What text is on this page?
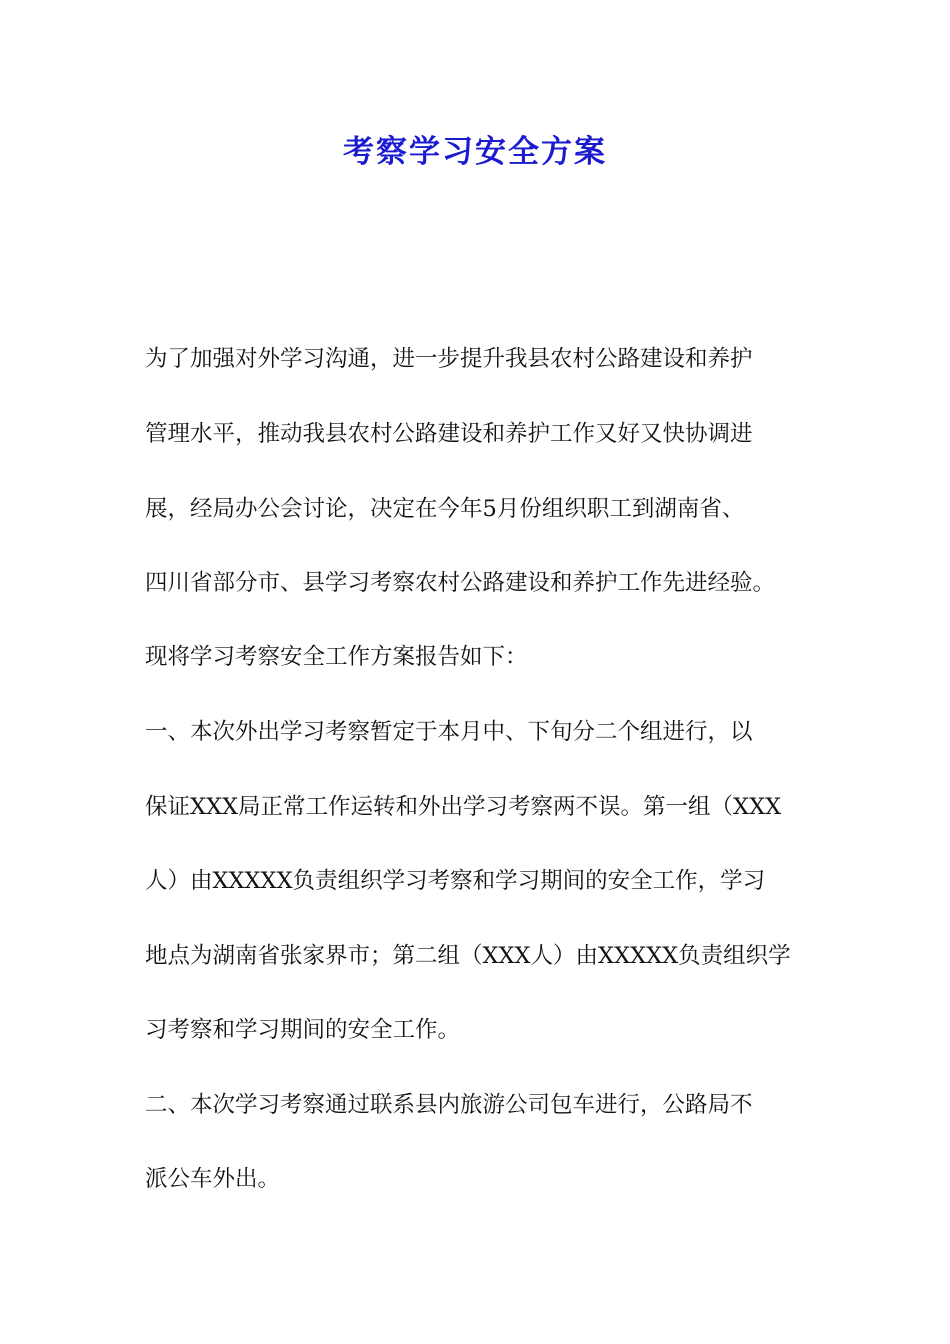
考察学习安全方案
为了加强对外学习沟通，进一步提升我县农村公路建设和养护
管理水平，推动我县农村公路建设和养护工作又好又快协调进
展，经局办公会讨论，决定在今年5月份组织职工到湖南省、
四川省部分市、县学习考察农村公路建设和养护工作先进经验。
现将学习考察安全工作方案报告如下：
一、本次外出学习考察暂定于本月中、下旬分二个组进行，以
保证XXX局正常工作运转和外出学习考察两不误。第一组（XXX
人）由XXXXX负责组织学习考察和学习期间的安全工作，学习
地点为湖南省张家界市；第二组（XXX人）由XXXXX负责组织学
习考察和学习期间的安全工作。
二、本次学习考察通过联系县内旅游公司包车进行，公路局不
派公车外出。
